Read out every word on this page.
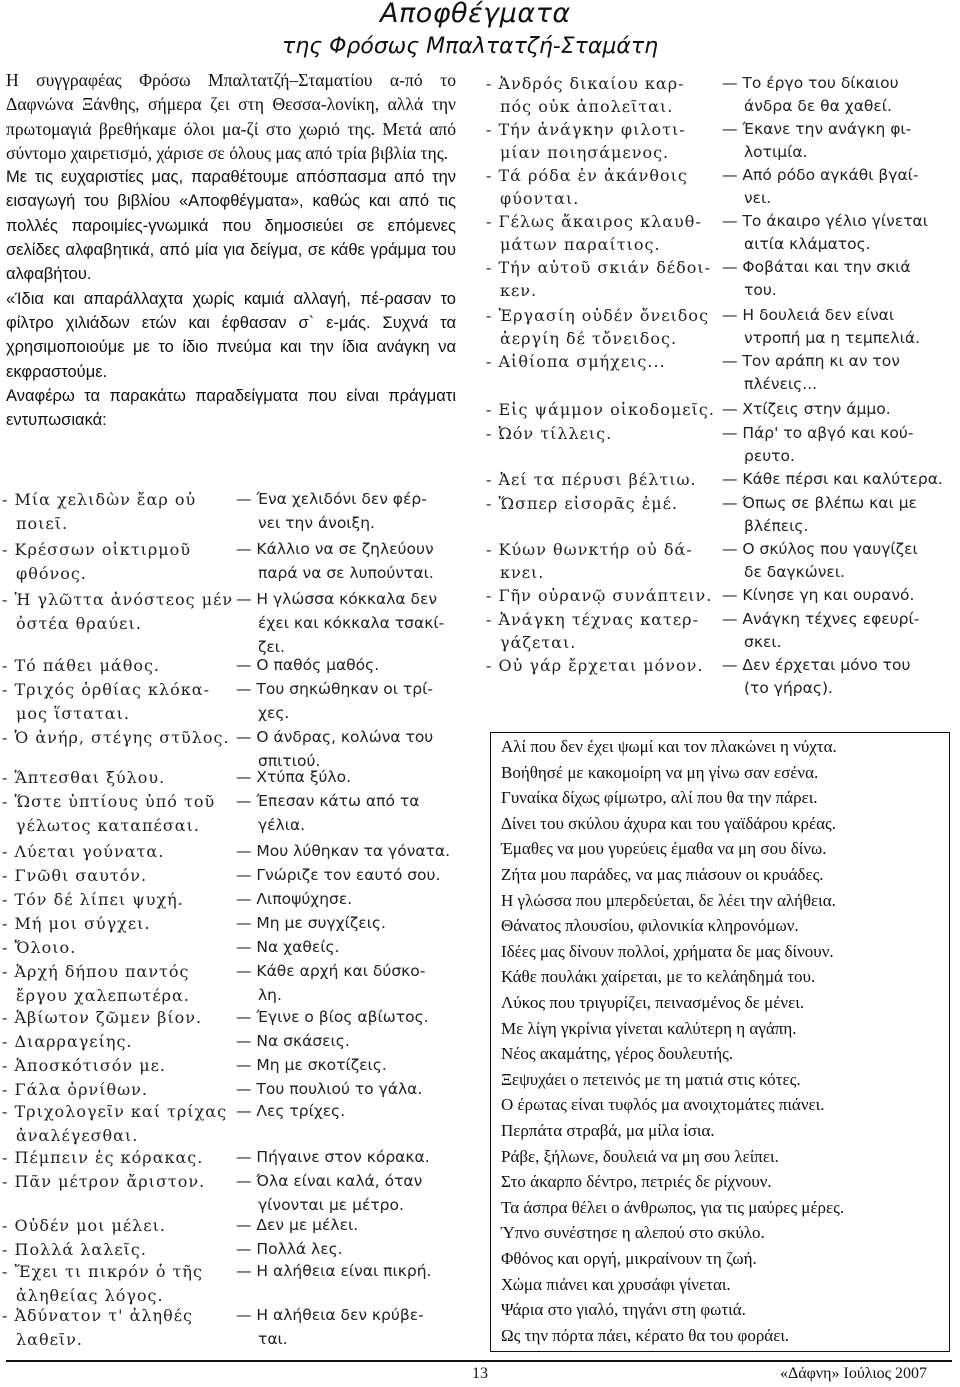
Αποφθέγματα
της Φρόσως Μπαλτατζή-Σταμάτη

Η συγγραφέας Φρόσω Μπαλτατζή–Σταματίου α-πό το Δαφνώνα Ξάνθης, σήμερα ζει στη Θεσσα-λονίκη, αλλά την πρωτομαγιά βρεθήκαμε όλοι μα-ζί στο χωριό της. Μετά από σύντομο χαιρετισμό, χάρισε σε όλους μας από τρία βιβλία της.

Με τις ευχαριστίες μας, παραθέτουμε απόσπασμα από την εισαγωγή του βιβλίου «Αποφθέγματα», καθώς και από τις πολλές παροιμίες-γνωμικά που δημοσιεύει σε επόμενες σελίδες αλφαβητικά, από μία για δείγμα, σε κάθε γράμμα του αλφαβήτου.

«Ίδια και απαράλλαχτα χωρίς καμιά αλλαγή, πέ-ρασαν το φίλτρο χιλιάδων ετών και έφθασαν σ` ε-μάς. Συχνά τα χρησιμοποιούμε με το ίδιο πνεύμα και την ίδια ανάγκη να εκφραστούμε.

Αναφέρω τα παρακάτω παραδείγματα που είναι πράγματι εντυπωσιακά:

- Μία χελιδὼν ἔαρ οὐ
ποιεῖ.
— Ένα χελιδόνι δεν φέρ-
νει την άνοιξη.
- Κρέσσων οἰκτιρμοῦ
φθόνος.
— Κάλλιο να σε ζηλεύουν
παρά να σε λυπούνται.
- Ἡ γλῶττα ἀνόστεος μέν
ὀστέα θραύει.
— Η γλώσσα κόκκαλα δεν
έχει και κόκκαλα τσακί-
ζει.
- Τό πάθει μάθος.	— Ο παθός μαθός.
- Τριχός ὀρθίας κλόκα-
μος ἵσταται.
— Του σηκώθηκαν οι τρί-
χες.
- Ὁ ἀνήρ, στέγης στῦλος. — Ο άνδρας, κολώνα του
σπιτιού.
- Ἅπτεσθαι ξύλου.	— Χτύπα ξύλο.
- Ὥστε ὑπτίους ὑπό τοῦ
γέλωτος καταπέσαι.
— Έπεσαν κάτω από τα
γέλια.
- Λύεται γούνατα.	— Μου λύθηκαν τα γόνατα.
- Γνῶθι σαυτόν.	— Γνώριζε τον εαυτό σου.
- Τόν δέ λίπει ψυχή.	— Λιποψύχησε.
- Μή μοι σύγχει.	— Μη με συγχίζεις.
- Ὄλοιο.	— Να χαθείς.
- Ἀρχή δήπου παντός
ἔργου χαλεπωτέρα.
— Κάθε αρχή και δύσκο-
λη.
- Ἀβίωτον ζῶμεν βίον. — Έγινε ο βίος αβίωτος.
- Διαρραγείης.	— Να σκάσεις.
- Ἀποσκότισόν με.	— Μη με σκοτίζεις.
- Γάλα ὀρνίθων.	— Του πουλιού το γάλα.
- Τριχολογεῖν καί τρίχας
ἀναλέγεσθαι.
— Λες τρίχες.
- Πέμπειν ἐς κόρακας. — Πήγαινε στον κόρακα.
- Πᾶν μέτρον ἄριστον. — Όλα είναι καλά, όταν
γίνονται με μέτρο.
- Οὐδέν μοι μέλει.	— Δεν με μέλει.
- Πολλά λαλεῖς.	— Πολλά λες.
- Ἔχει τι πικρόν ὁ τῆς
ἀληθείας λόγος.
— Η αλήθεια είναι πικρή.
- Ἀδύνατον τ' ἀληθές
λαθεῖν.
— Η αλήθεια δεν κρύβε-
ται.
- Ἀνδρός δικαίου καρ-
πός οὐκ ἀπολεῖται.
— Το έργο του δίκαιου
άνδρα δε θα χαθεί.
- Τήν ἀνάγκην φιλοτι-
μίαν ποιησάμενος.
— Έκανε την ανάγκη φι-
λοτιμία.
- Τά ρόδα ἐν ἀκάνθοις
φύονται.
— Από ρόδο αγκάθι βγαί-
νει.
- Γέλως ἄκαιρος κλαυθ-
μάτων παραίτιος.
— Το άκαιρο γέλιο γίνεται
αιτία κλάματος.
- Τήν αὐτοῦ σκιάν δέδοι-
κεν.
— Φοβάται και την σκιά
του.
- Ἐργασίη οὐδέν ὄνειδος
ἀεργίη δέ τὄνειδος.
— Η δουλειά δεν είναι
ντροπή μα η τεμπελιά.
- Αἰθίοπα σμήχεις...	— Τον αράπη κι αν τον
πλένεις...
- Εἰς ψάμμον οἰκοδομεῖς. — Χτίζεις στην άμμο.
- Ὠόν τίλλεις.	— Πάρ' το αβγό και κού-
ρευτο.
- Ἀεί τα πέρυσι βέλτιω. — Κάθε πέρσι και καλύτερα.
- Ὥσπερ εἰσορᾶς ἐμέ.	— Όπως σε βλέπω και με
βλέπεις.
- Κύων θωνκτήρ οὐ δά-
κνει.
— Ο σκύλος που γαυγίζει
δε δαγκώνει.
- Γῆν οὐρανῷ συνάπτειν. — Κίνησε γη και ουρανό.
- Ἀνάγκη τέχνας κατερ-
γάζεται.
— Ανάγκη τέχνες εφευρί-
σκει.
- Οὐ γάρ ἔρχεται μόνον. — Δεν έρχεται μόνο του
(το γήρας).
Αλί που δεν έχει ψωμί και τον πλακώνει η νύχτα.
Βοήθησέ με κακομοίρη να μη γίνω σαν εσένα.
Γυναίκα δίχως φίμωτρο, αλί που θα την πάρει.
Δίνει του σκύλου άχυρα και του γαϊδάρου κρέας.
Έμαθες να μου γυρεύεις έμαθα να μη σου δίνω.
Ζήτα μου παράδες, να μας πιάσουν οι κρυάδες.
Η γλώσσα που μπερδεύεται, δε λέει την αλήθεια.
Θάνατος πλουσίου, φιλονικία κληρονόμων.
Ιδέες μας δίνουν πολλοί, χρήματα δε μας δίνουν.
Κάθε πουλάκι χαίρεται, με το κελάηδημά του.
Λύκος που τριγυρίζει, πεινασμένος δε μένει.
Με λίγη γκρίνια γίνεται καλύτερη η αγάπη.
Νέος ακαμάτης, γέρος δουλευτής.
Ξεψυχάει ο πετεινός με τη ματιά στις κότες.
Ο έρωτας είναι τυφλός μα ανοιχτομάτες πιάνει.
Περπάτα στραβά, μα μίλα ίσια.
Ράβε, ξήλωνε, δουλειά να μη σου λείπει.
Στο άκαρπο δέντρο, πετριές δε ρίχνουν.
Τα άσπρα θέλει ο άνθρωπος, για τις μαύρες μέρες.
Ύπνο συνέστησε η αλεπού στο σκύλο.
Φθόνος και οργή, μικραίνουν τη ζωή.
Χώμα πιάνει και χρυσάφι γίνεται.
Ψάρια στο γιαλό, τηγάνι στη φωτιά.
Ως την πόρτα πάει, κέρατο θα του φοράει.
13	«Δάφνη» Ιούλιος 2007
